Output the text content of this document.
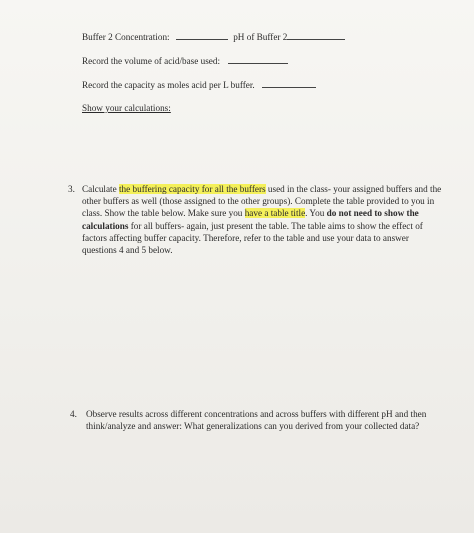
Buffer 2 Concentration:	pH of Buffer 2
Record the volume of acid/base used:
Record the capacity as moles acid per L buffer.
Show your calculations:
3. Calculate the buffering capacity for all the buffers used in the class- your assigned buffers and the other buffers as well (those assigned to the other groups). Complete the table provided to you in class. Show the table below. Make sure you have a table title. You do not need to show the calculations for all buffers- again, just present the table. The table aims to show the effect of factors affecting buffer capacity. Therefore, refer to the table and use your data to answer questions 4 and 5 below.
4. Observe results across different concentrations and across buffers with different pH and then think/analyze and answer: What generalizations can you derived from your collected data?
